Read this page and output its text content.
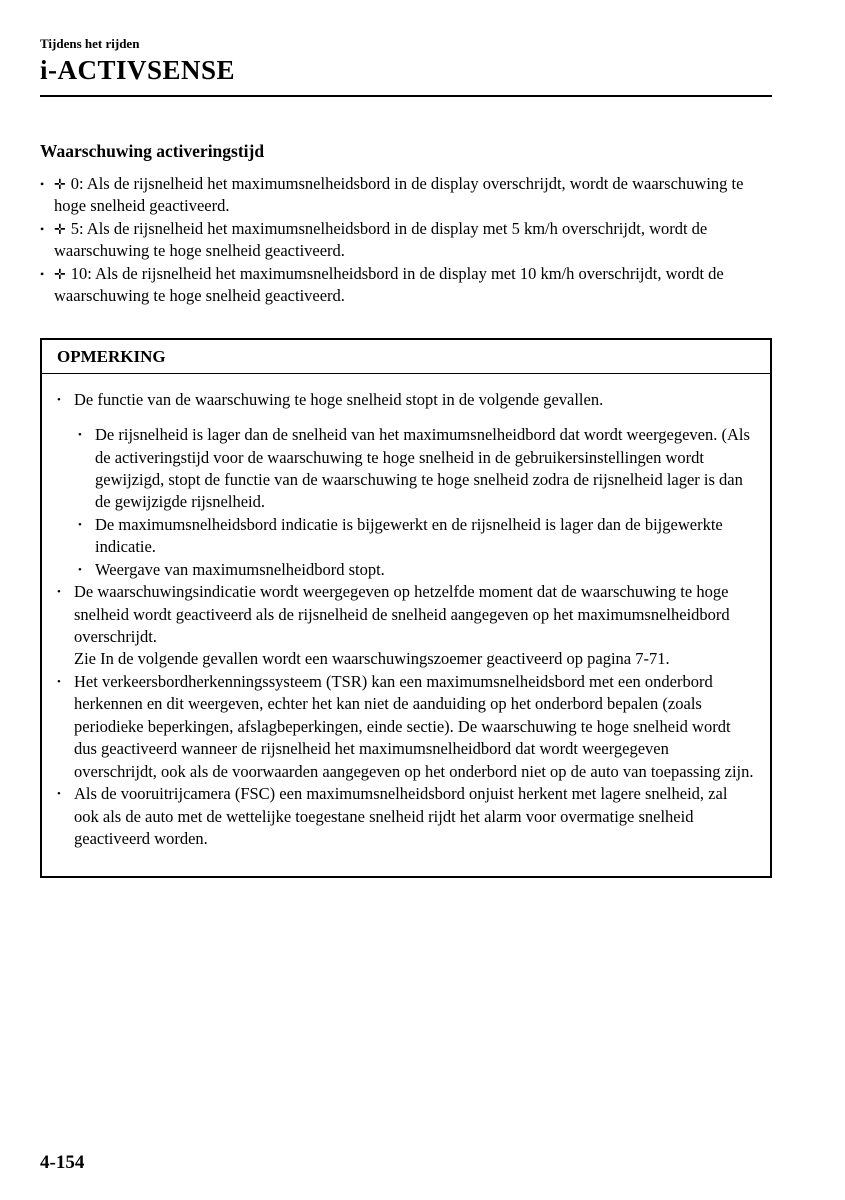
Tijdens het rijden
i-ACTIVSENSE
Waarschuwing activeringstijd
• ✛ 0: Als de rijsnelheid het maximumsnelheidsbord in de display overschrijdt, wordt de waarschuwing te hoge snelheid geactiveerd.
• ✛ 5: Als de rijsnelheid het maximumsnelheidsbord in de display met 5 km/h overschrijdt, wordt de waarschuwing te hoge snelheid geactiveerd.
• ✛ 10: Als de rijsnelheid het maximumsnelheidsbord in de display met 10 km/h overschrijdt, wordt de waarschuwing te hoge snelheid geactiveerd.
OPMERKING
• De functie van de waarschuwing te hoge snelheid stopt in de volgende gevallen.
• De rijsnelheid is lager dan de snelheid van het maximumsnelheidbord dat wordt weergegeven. (Als de activeringstijd voor de waarschuwing te hoge snelheid in de gebruikersinstellingen wordt gewijzigd, stopt de functie van de waarschuwing te hoge snelheid zodra de rijsnelheid lager is dan de gewijzigde rijsnelheid.
• De maximumsnelheidsbord indicatie is bijgewerkt en de rijsnelheid is lager dan de bijgewerkte indicatie.
• Weergave van maximumsnelheidbord stopt.
• De waarschuwingsindicatie wordt weergegeven op hetzelfde moment dat de waarschuwing te hoge snelheid wordt geactiveerd als de rijsnelheid de snelheid aangegeven op het maximumsnelheidbord overschrijdt.
Zie In de volgende gevallen wordt een waarschuwingszoemer geactiveerd op pagina 7-71.
• Het verkeersbordherkenningssysteem (TSR) kan een maximumsnelheidsbord met een onderbord herkennen en dit weergeven, echter het kan niet de aanduiding op het onderbord bepalen (zoals periodieke beperkingen, afslagbeperkingen, einde sectie). De waarschuwing te hoge snelheid wordt dus geactiveerd wanneer de rijsnelheid het maximumsnelheidbord dat wordt weergegeven overschrijdt, ook als de voorwaarden aangegeven op het onderbord niet op de auto van toepassing zijn.
• Als de vooruitrijcamera (FSC) een maximumsnelheidsbord onjuist herkent met lagere snelheid, zal ook als de auto met de wettelijke toegestane snelheid rijdt het alarm voor overmatige snelheid geactiveerd worden.
4-154
